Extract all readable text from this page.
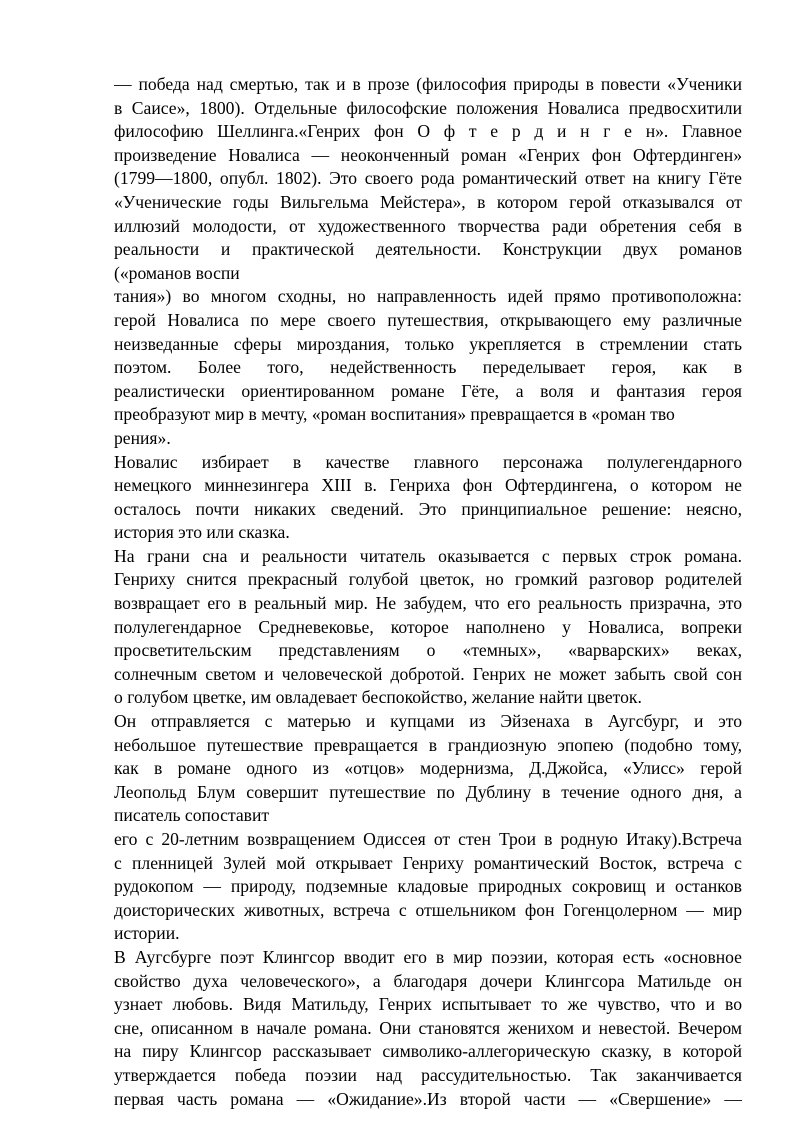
— победа над смертью, так и в прозе (философия природы в повести «Ученики
в Саисе», 1800). Отдельные философские положения Новалиса предвосхитили
философию Шеллинга.«Генрих фон О ф т е р д и н г е н». Главное
произведение Новалиса — неоконченный роман «Генрих фон Офтердинген»
(1799—1800, опубл. 1802). Это своего рода романтический ответ на книгу Гёте
«Ученические годы Вильгельма Мейстера», в котором герой отказывался от
иллюзий молодости, от художественного творчества ради обретения себя в
реальности и практической деятельности. Конструкции двух романов
(«романов воспи
тания») во многом сходны, но направленность идей прямо противоположна:
герой Новалиса по мере своего путешествия, открывающего ему различные
неизведанные сферы мироздания, только укрепляется в стремлении стать
поэтом. Более того, недейственность переделывает героя, как в
реалистически ориентированном романе Гёте, а воля и фантазия героя
преобразуют мир в мечту, «роман воспитания» превращается в «роман тво
рения».
Новалис избирает в качестве главного персонажа полулегендарного
немецкого миннезингера XIII в. Генриха фон Офтердингена, о котором не
осталось почти никаких сведений. Это принципиальное решение: неясно,
история это или сказка.
На грани сна и реальности читатель оказывается с первых строк романа.
Генриху снится прекрасный голубой цветок, но громкий разговор родителей
возвращает его в реальный мир. Не забудем, что его реальность призрачна, это
полулегендарное Средневековье, которое наполнено у Новалиса, вопреки
просветительским представлениям о «темных», «варварских» веках,
солнечным светом и человеческой добротой. Генрих не может забыть свой сон
о голубом цветке, им овладевает беспокойство, желание найти цветок.
Он отправляется с матерью и купцами из Эйзенаха в Аугсбург, и это
небольшое путешествие превращается в грандиозную эпопею (подобно тому,
как в романе одного из «отцов» модернизма, Д.Джойса, «Улисс» герой
Леопольд Блум совершит путешествие по Дублину в течение одного дня, а
писатель сопоставит
его с 20-летним возвращением Одиссея от стен Трои в родную Итаку).Встреча
с пленницей Зулей мой открывает Генриху романтический Восток, встреча с
рудокопом — природу, подземные кладовые природных сокровищ и останков
доисторических животных, встреча с отшельником фон Гогенцолерном — мир
истории.
В Аугсбурге поэт Клингсор вводит его в мир поэзии, которая есть «основное
свойство духа человеческого», а благодаря дочери Клингсора Матильде он
узнает любовь. Видя Матильду, Генрих испытывает то же чувство, что и во
сне, описанном в начале романа. Они становятся женихом и невестой. Вечером
на пиру Клингсор рассказывает символико-аллегорическую сказку, в которой
утверждается победа поэзии над рассудительностью. Так заканчивается
первая часть романа — «Ожидание».Из второй части — «Свершение» —
